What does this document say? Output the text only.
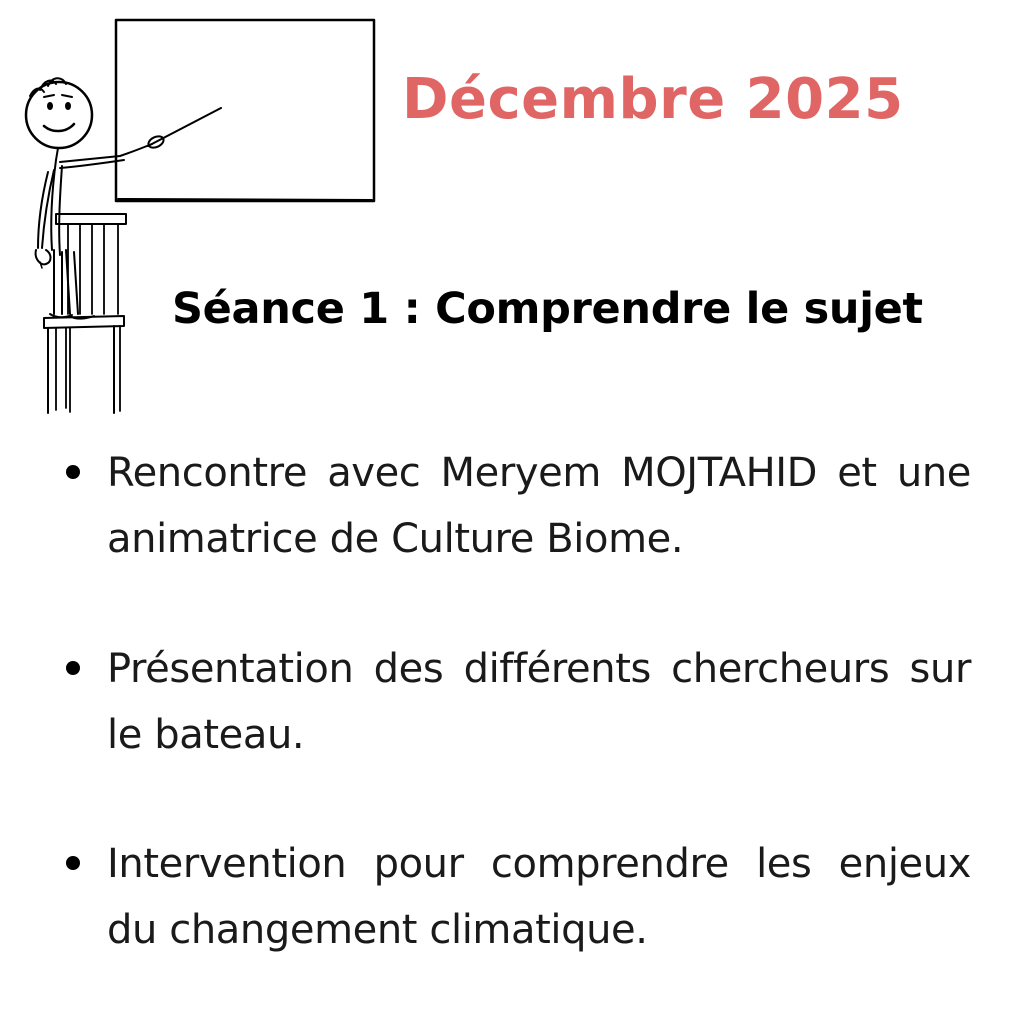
Décembre 2025
Séance 1 : Comprendre le sujet
Rencontre avec Meryem MOJTAHID et une animatrice de Culture Biome.
Présentation des différents chercheurs sur le bateau.
Intervention pour comprendre les enjeux du changement climatique.
